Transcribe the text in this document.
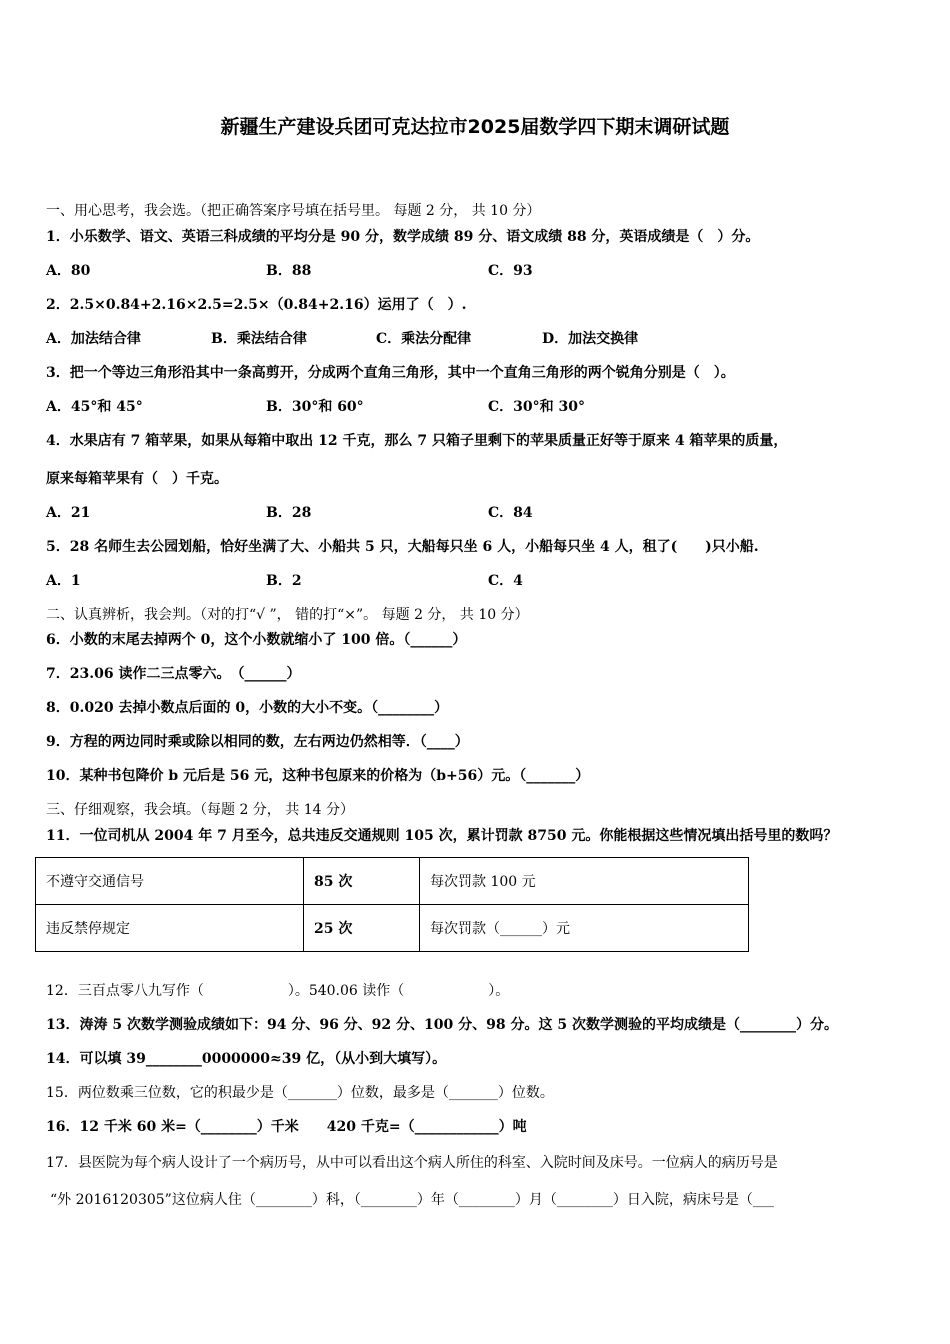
新疆生产建设兵团可克达拉市2025届数学四下期末调研试题
一、用心思考，我会选。（把正确答案序号填在括号里。 每题 2 分， 共 10 分）
1．小乐数学、语文、英语三科成绩的平均分是 90 分，数学成绩 89 分、语文成绩 88 分，英语成绩是（　）分。
A．80	B．88	C．93
2．2.5×0.84+2.16×2.5=2.5×（0.84+2.16）运用了（　）.
A．加法结合律	B．乘法结合律	C．乘法分配律	D．加法交换律
3．把一个等边三角形沿其中一条高剪开，分成两个直角三角形，其中一个直角三角形的两个锐角分别是（　）。
A．45°和 45°	B．30°和 60°	C．30°和 30°
4．水果店有 7 箱苹果，如果从每箱中取出 12 千克，那么 7 只箱子里剩下的苹果质量正好等于原来 4 箱苹果的质量，
原来每箱苹果有（　）千克。
A．21	B．28	C．84
5．28 名师生去公园划船，恰好坐满了大、小船共 5 只，大船每只坐 6 人，小船每只坐 4 人，租了(　　)只小船.
A．1	B．2	C．4
二、认真辨析，我会判。（对的打“√ ”， 错的打“×”。 每题 2 分， 共 10 分）
6．小数的末尾去掉两个 0，这个小数就缩小了 100 倍。（______）
7．23.06 读作二三点零六。　（______）
8．0.020 去掉小数点后面的 0，小数的大小不变。（________）
9．方程的两边同时乘或除以相同的数，左右两边仍然相等．（____）
10．某种书包降价 b 元后是 56 元，这种书包原来的价格为（b+56）元。（_______）
三、仔细观察，我会填。（每题 2 分， 共 14 分）
11．一位司机从 2004 年 7 月至今，总共违反交通规则 105 次，累计罚款 8750 元。你能根据这些情况填出括号里的数吗？
不遵守交通信号	85 次	每次罚款 100 元
违反禁停规定	25 次	每次罚款（______）元
12．三百点零八九写作（　　　　　　）。540.06 读作（　　　　　　）。
13．涛涛 5 次数学测验成绩如下：94 分、96 分、92 分、100 分、98 分。这 5 次数学测验的平均成绩是（________）分。
14．可以填 39________0000000≈39 亿，（从小到大填写）。
15．两位数乘三位数，它的积最少是（_______）位数，最多是（_______）位数。
16．12 千米 60 米=（________）千米　　420 千克=（____________）吨
17．县医院为每个病人设计了一个病历号，从中可以看出这个病人所住的科室、入院时间及床号。一位病人的病历号是
“外 2016120305”这位病人住（________）科，（________）年（________）月（________）日入院，病床号是（___
